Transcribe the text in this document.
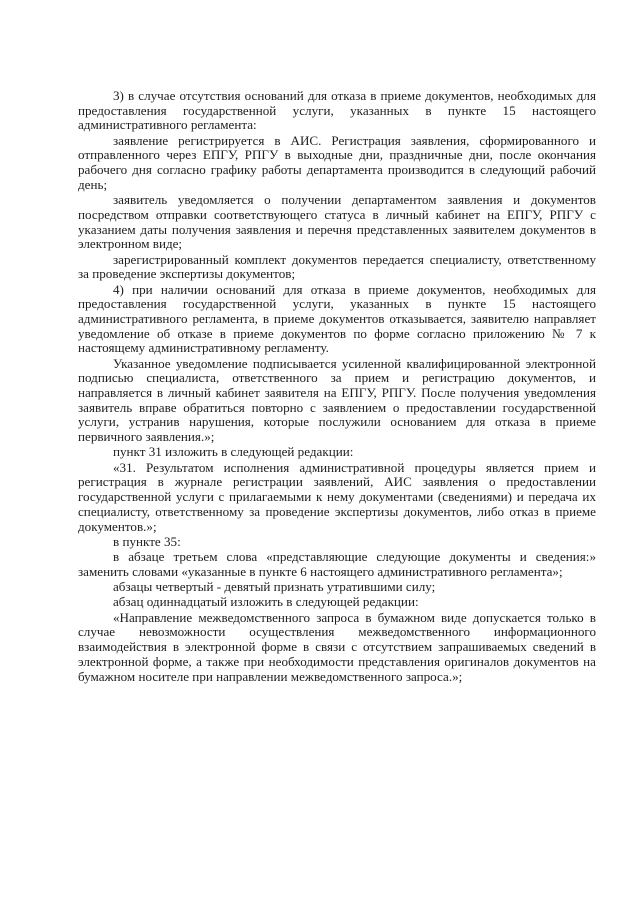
3) в случае отсутствия оснований для отказа в приеме документов, необходимых для предоставления государственной услуги, указанных в пункте 15 настоящего административного регламента:

заявление регистрируется в АИС. Регистрация заявления, сформированного и отправленного через ЕПГУ, РПГУ в выходные дни, праздничные дни, после окончания рабочего дня согласно графику работы департамента производится в следующий рабочий день;

заявитель уведомляется о получении департаментом заявления и документов посредством отправки соответствующего статуса в личный кабинет на ЕПГУ, РПГУ с указанием даты получения заявления и перечня представленных заявителем документов в электронном виде;

зарегистрированный комплект документов передается специалисту, ответственному за проведение экспертизы документов;

4) при наличии оснований для отказа в приеме документов, необходимых для предоставления государственной услуги, указанных в пункте 15 настоящего административного регламента, в приеме документов отказывается, заявителю направляет уведомление об отказе в приеме документов по форме согласно приложению № 7 к настоящему административному регламенту.

Указанное уведомление подписывается усиленной квалифицированной электронной подписью специалиста, ответственного за прием и регистрацию документов, и направляется в личный кабинет заявителя на ЕПГУ, РПГУ. После получения уведомления заявитель вправе обратиться повторно с заявлением о предоставлении государственной услуги, устранив нарушения, которые послужили основанием для отказа в приеме первичного заявления.»;

пункт 31 изложить в следующей редакции:

«31. Результатом исполнения административной процедуры является прием и регистрация в журнале регистрации заявлений, АИС заявления о предоставлении государственной услуги с прилагаемыми к нему документами (сведениями) и передача их специалисту, ответственному за проведение экспертизы документов, либо отказ в приеме документов.»;

в пункте 35:

в абзаце третьем слова «представляющие следующие документы и сведения:» заменить словами «указанные в пункте 6 настоящего административного регламента»;

абзацы четвертый - девятый признать утратившими силу;

абзац одиннадцатый изложить в следующей редакции:

«Направление межведомственного запроса в бумажном виде допускается только в случае невозможности осуществления межведомственного информационного взаимодействия в электронной форме в связи с отсутствием запрашиваемых сведений в электронной форме, а также при необходимости представления оригиналов документов на бумажном носителе при направлении межведомственного запроса.»;
